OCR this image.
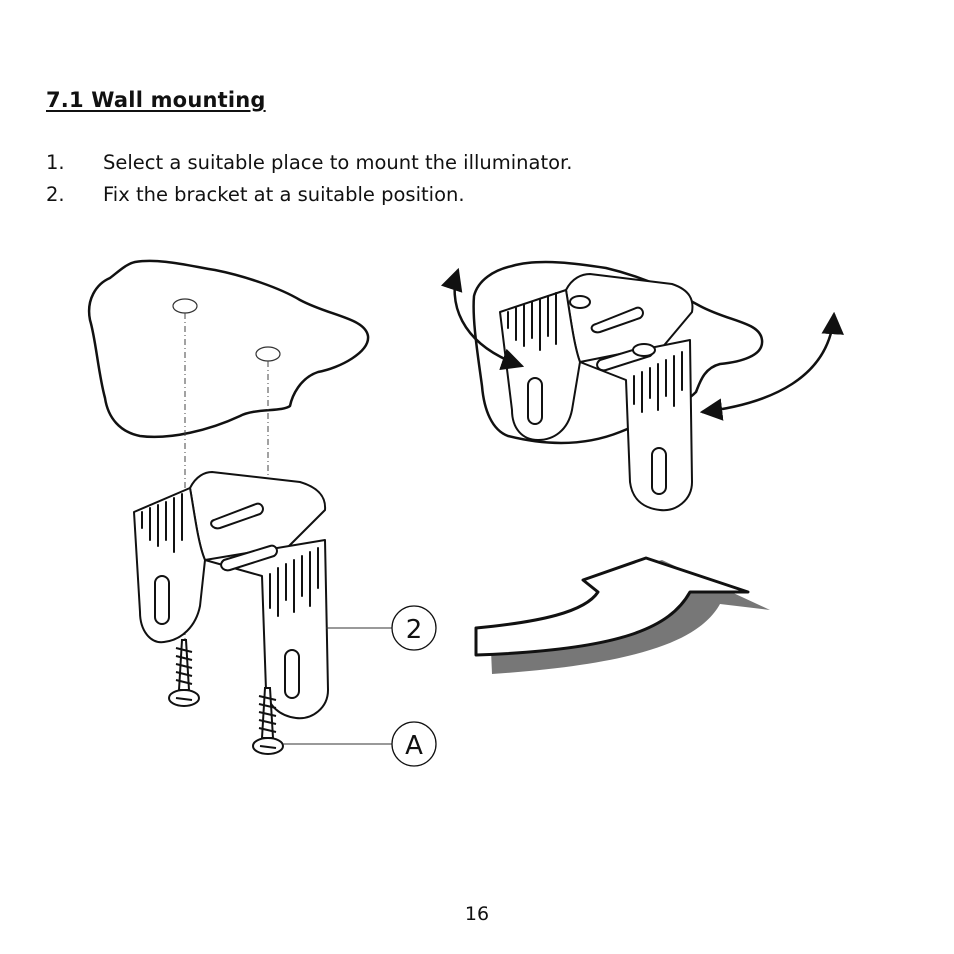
7.1 Wall mounting
1. Select a suitable place to mount the illuminator.
2. Fix the bracket at a suitable position.
2
A
16
